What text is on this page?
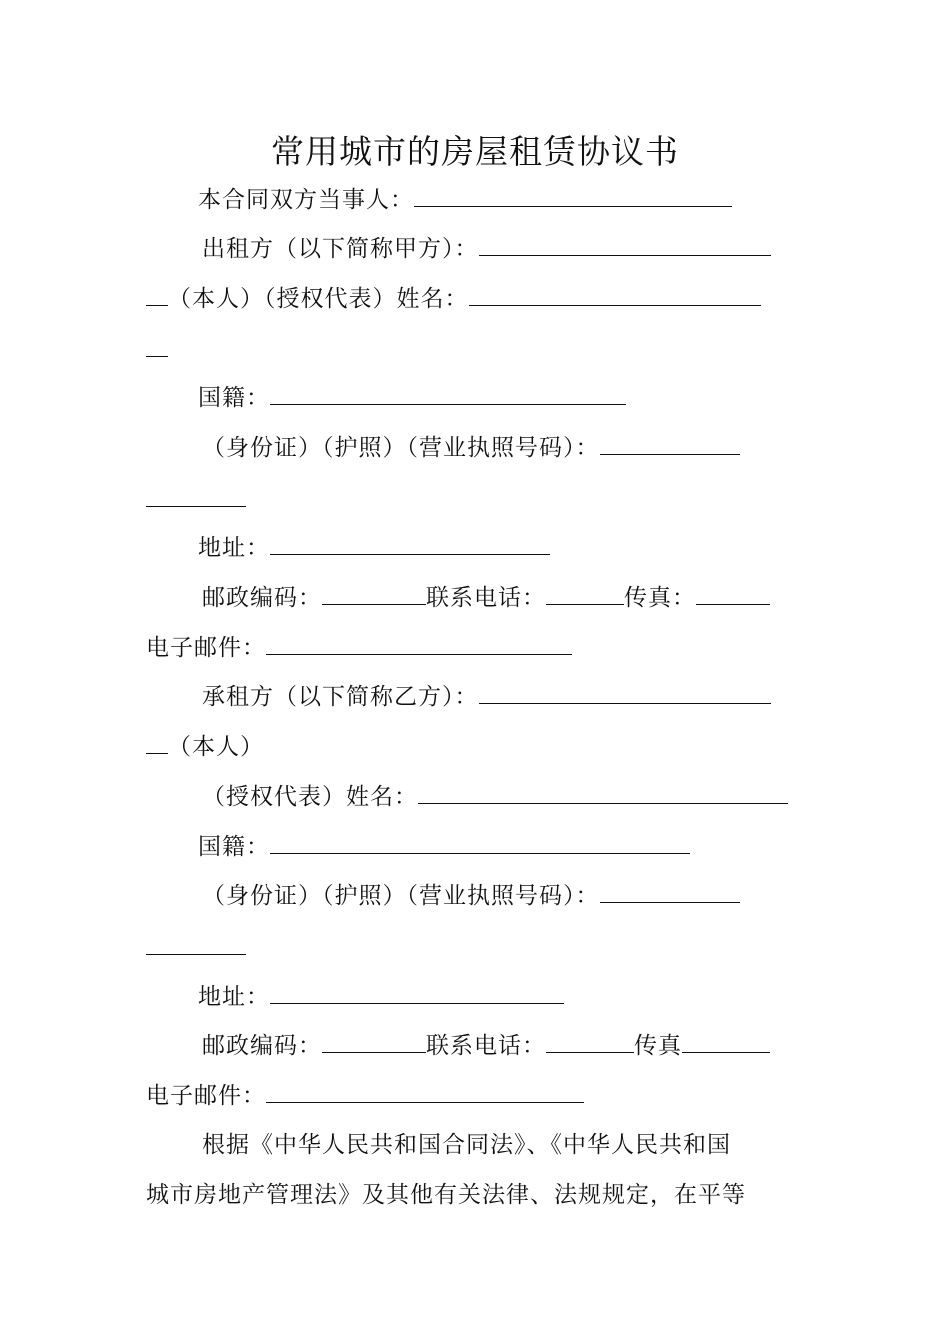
常用城市的房屋租赁协议书
本合同双方当事人：
出租方（以下简称甲方）：
（本人）（授权代表）姓名：
国籍：
（身份证）（护照）（营业执照号码）：
地址：
邮政编码：	联系电话：	传真：
电子邮件：
承租方（以下简称乙方）：
（本人）
（授权代表）姓名：
国籍：
（身份证）（护照）（营业执照号码）：
地址：
邮政编码：	联系电话：	传真
电子邮件：
根据《中华人民共和国合同法》、《中华人民共和国
城市房地产管理法》及其他有关法律、法规规定，在平等
